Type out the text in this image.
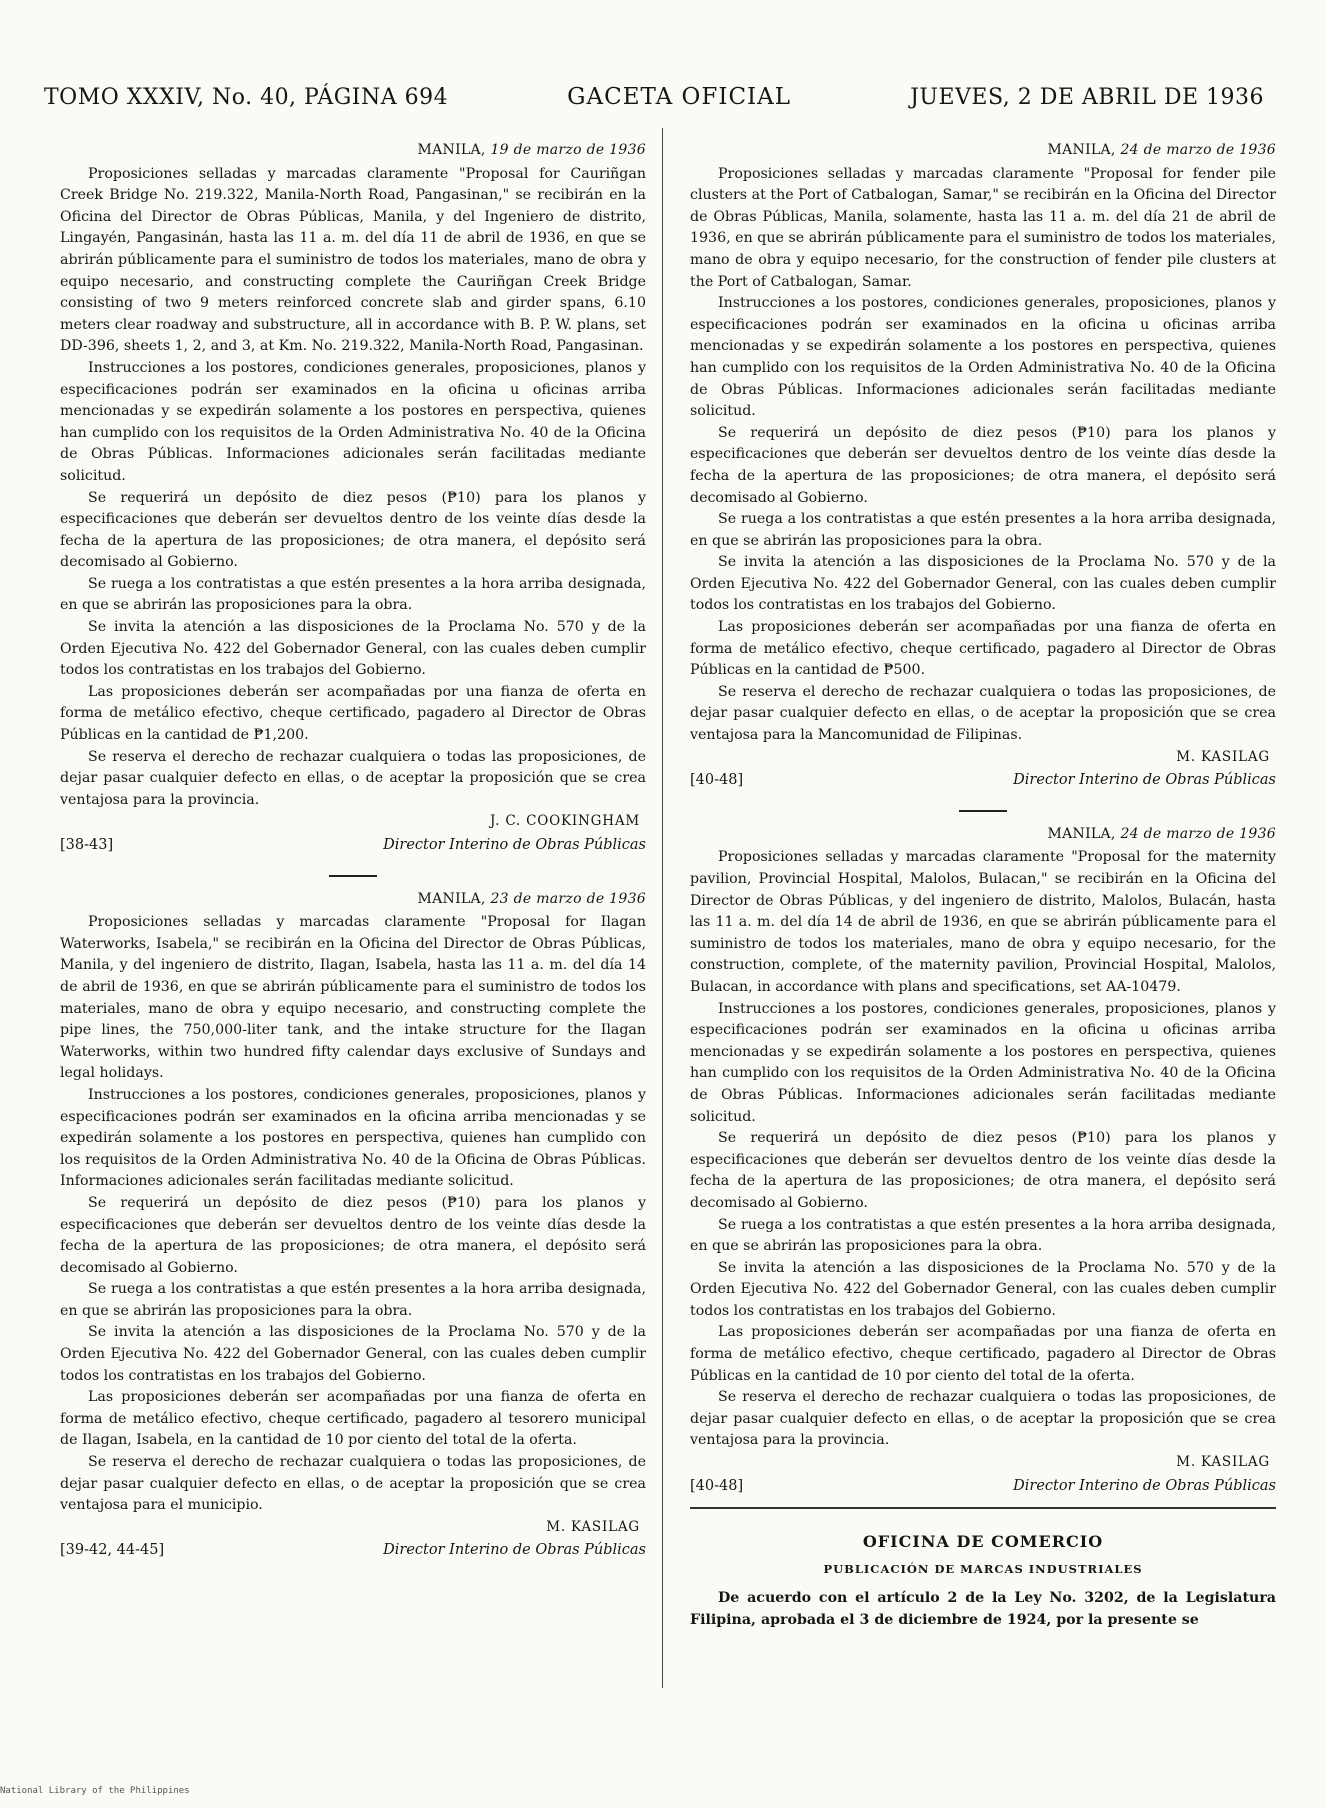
TOMO XXXIV, No. 40, PÁGINA 694	GACETA OFICIAL	JUEVES, 2 DE ABRIL DE 1936
MANILA, 19 de marzo de 1936

Proposiciones selladas y marcadas claramente "Proposal for Cauriñgan Creek Bridge No. 219.322, Manila-North Road, Pangasinan," se recibirán en la Oficina del Director de Obras Públicas, Manila, y del Ingeniero de distrito, Lingayén, Pangasinán, hasta las 11 a. m. del día 11 de abril de 1936, en que se abrirán públicamente para el suministro de todos los materiales, mano de obra y equipo necesario, and constructing complete the Cauriñgan Creek Bridge consisting of two 9 meters reinforced concrete slab and girder spans, 6.10 meters clear roadway and substructure, all in accordance with B. P. W. plans, set DD-396, sheets 1, 2, and 3, at Km. No. 219.322, Manila-North Road, Pangasinan.

Instrucciones a los postores, condiciones generales, proposiciones, planos y especificaciones podrán ser examinados en la oficina u oficinas arriba mencionadas y se expedirán solamente a los postores en perspectiva, quienes han cumplido con los requisitos de la Orden Administrativa No. 40 de la Oficina de Obras Públicas. Informaciones adicionales serán facilitadas mediante solicitud.

Se requerirá un depósito de diez pesos (₱10) para los planos y especificaciones que deberán ser devueltos dentro de los veinte días desde la fecha de la apertura de las proposiciones; de otra manera, el depósito será decomisado al Gobierno.

Se ruega a los contratistas a que estén presentes a la hora arriba designada, en que se abrirán las proposiciones para la obra.

Se invita la atención a las disposiciones de la Proclama No. 570 y de la Orden Ejecutiva No. 422 del Gobernador General, con las cuales deben cumplir todos los contratistas en los trabajos del Gobierno.

Las proposiciones deberán ser acompañadas por una fianza de oferta en forma de metálico efectivo, cheque certificado, pagadero al Director de Obras Públicas en la cantidad de ₱1,200.

Se reserva el derecho de rechazar cualquiera o todas las proposiciones, de dejar pasar cualquier defecto en ellas, o de aceptar la proposición que se crea ventajosa para la provincia.

J. C. COOKINGHAM
[38-43]	Director Interino de Obras Públicas
MANILA, 23 de marzo de 1936

Proposiciones selladas y marcadas claramente "Proposal for Ilagan Waterworks, Isabela," se recibirán en la Oficina del Director de Obras Públicas, Manila, y del ingeniero de distrito, Ilagan, Isabela, hasta las 11 a. m. del día 14 de abril de 1936, en que se abrirán públicamente para el suministro de todos los materiales, mano de obra y equipo necesario, and constructing complete the pipe lines, the 750,000-liter tank, and the intake structure for the Ilagan Waterworks, within two hundred fifty calendar days exclusive of Sundays and legal holidays.

Instrucciones a los postores, condiciones generales, proposiciones, planos y especificaciones podrán ser examinados en la oficina arriba mencionadas y se expedirán solamente a los postores en perspectiva, quienes han cumplido con los requisitos de la Orden Administrativa No. 40 de la Oficina de Obras Públicas. Informaciones adicionales serán facilitadas mediante solicitud.

Se requerirá un depósito de diez pesos (₱10) para los planos y especificaciones que deberán ser devueltos dentro de los veinte días desde la fecha de la apertura de las proposiciones; de otra manera, el depósito será decomisado al Gobierno.

Se ruega a los contratistas a que estén presentes a la hora arriba designada, en que se abrirán las proposiciones para la obra.

Se invita la atención a las disposiciones de la Proclama No. 570 y de la Orden Ejecutiva No. 422 del Gobernador General, con las cuales deben cumplir todos los contratistas en los trabajos del Gobierno.

Las proposiciones deberán ser acompañadas por una fianza de oferta en forma de metálico efectivo, cheque certificado, pagadero al tesorero municipal de Ilagan, Isabela, en la cantidad de 10 por ciento del total de la oferta.

Se reserva el derecho de rechazar cualquiera o todas las proposiciones, de dejar pasar cualquier defecto en ellas, o de aceptar la proposición que se crea ventajosa para el municipio.

M. KASILAG
[39-42, 44-45]	Director Interino de Obras Públicas
MANILA, 24 de marzo de 1936

Proposiciones selladas y marcadas claramente "Proposal for fender pile clusters at the Port of Catbalogan, Samar," se recibirán en la Oficina del Director de Obras Públicas, Manila, solamente, hasta las 11 a. m. del día 21 de abril de 1936, en que se abrirán públicamente para el suministro de todos los materiales, mano de obra y equipo necesario, for the construction of fender pile clusters at the Port of Catbalogan, Samar.

Instrucciones a los postores, condiciones generales, proposiciones, planos y especificaciones podrán ser examinados en la oficina u oficinas arriba mencionadas y se expedirán solamente a los postores en perspectiva, quienes han cumplido con los requisitos de la Orden Administrativa No. 40 de la Oficina de Obras Públicas. Informaciones adicionales serán facilitadas mediante solicitud.

Se requerirá un depósito de diez pesos (₱10) para los planos y especificaciones que deberán ser devueltos dentro de los veinte días desde la fecha de la apertura de las proposiciones; de otra manera, el depósito será decomisado al Gobierno.

Se ruega a los contratistas a que estén presentes a la hora arriba designada, en que se abrirán las proposiciones para la obra.

Se invita la atención a las disposiciones de la Proclama No. 570 y de la Orden Ejecutiva No. 422 del Gobernador General, con las cuales deben cumplir todos los contratistas en los trabajos del Gobierno.

Las proposiciones deberán ser acompañadas por una fianza de oferta en forma de metálico efectivo, cheque certificado, pagadero al Director de Obras Públicas en la cantidad de ₱500.

Se reserva el derecho de rechazar cualquiera o todas las proposiciones, de dejar pasar cualquier defecto en ellas, o de aceptar la proposición que se crea ventajosa para la Mancomunidad de Filipinas.

M. KASILAG
[40-48]	Director Interino de Obras Públicas
MANILA, 24 de marzo de 1936

Proposiciones selladas y marcadas claramente "Proposal for the maternity pavilion, Provincial Hospital, Malolos, Bulacan," se recibirán en la Oficina del Director de Obras Públicas, y del ingeniero de distrito, Malolos, Bulacán, hasta las 11 a. m. del día 14 de abril de 1936, en que se abrirán públicamente para el suministro de todos los materiales, mano de obra y equipo necesario, for the construction, complete, of the maternity pavilion, Provincial Hospital, Malolos, Bulacan, in accordance with plans and specifications, set AA-10479.

Instrucciones a los postores, condiciones generales, proposiciones, planos y especificaciones podrán ser examinados en la oficina u oficinas arriba mencionadas y se expedirán solamente a los postores en perspectiva, quienes han cumplido con los requisitos de la Orden Administrativa No. 40 de la Oficina de Obras Públicas. Informaciones adicionales serán facilitadas mediante solicitud.

Se requerirá un depósito de diez pesos (₱10) para los planos y especificaciones que deberán ser devueltos dentro de los veinte días desde la fecha de la apertura de las proposiciones; de otra manera, el depósito será decomisado al Gobierno.

Se ruega a los contratistas a que estén presentes a la hora arriba designada, en que se abrirán las proposiciones para la obra.

Se invita la atención a las disposiciones de la Proclama No. 570 y de la Orden Ejecutiva No. 422 del Gobernador General, con las cuales deben cumplir todos los contratistas en los trabajos del Gobierno.

Las proposiciones deberán ser acompañadas por una fianza de oferta en forma de metálico efectivo, cheque certificado, pagadero al Director de Obras Públicas en la cantidad de 10 por ciento del total de la oferta.

Se reserva el derecho de rechazar cualquiera o todas las proposiciones, de dejar pasar cualquier defecto en ellas, o de aceptar la proposición que se crea ventajosa para la provincia.

M. KASILAG
[40-48]	Director Interino de Obras Públicas
OFICINA DE COMERCIO
PUBLICACIÓN DE MARCAS INDUSTRIALES

De acuerdo con el artículo 2 de la Ley No. 3202, de la Legislatura Filipina, aprobada el 3 de diciembre de 1924, por la presente se

National Library of the Philippines
